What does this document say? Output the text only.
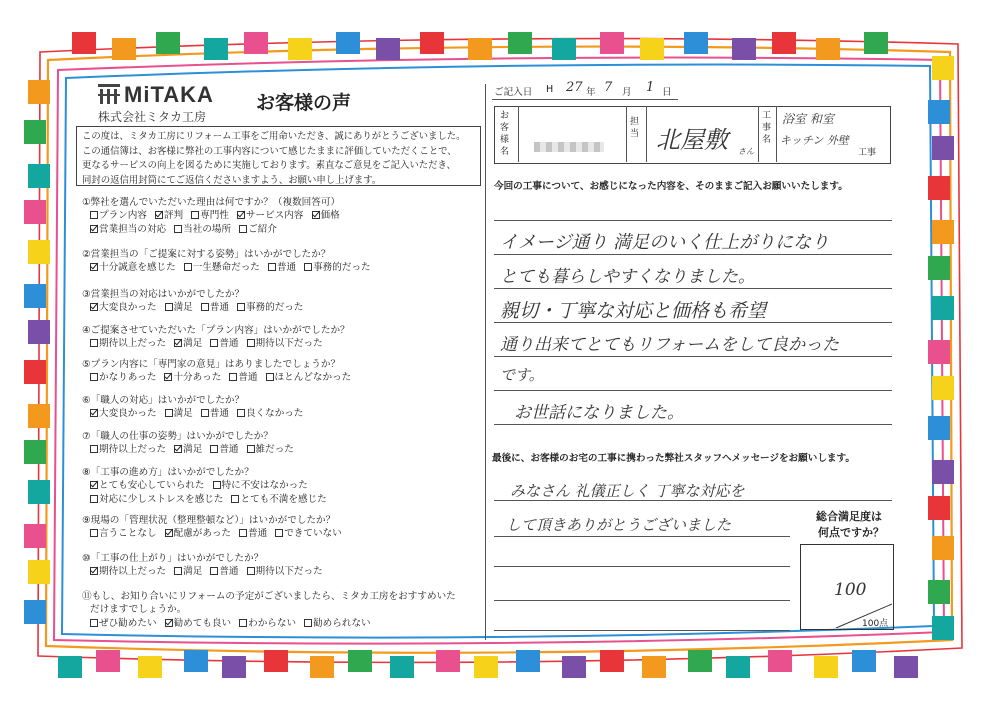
MiTAKA
株式会社ミタカ工房
お客様の声
この度は、ミタカ工房にリフォーム工事をご用命いただき、誠にありがとうございました。
この通信簿は、お客様に弊社の工事内容について感じたままに評価していただくことで、
更なるサービスの向上を図るために実施しております。素直なご意見をご記入いただき、
同封の返信用封筒にてご返信くださいますよう、お願い申し上げます。
①弊社を選んでいただいた理由は何ですか？（複数回答可）
プラン内容 評判 専門性 サービス内容 価格
営業担当の対応 当社の場所 ご紹介
②営業担当の「ご提案に対する姿勢」はいかがでしたか？
十分誠意を感じた 一生懸命だった 普通 事務的だった
③営業担当の対応はいかがでしたか？
大変良かった 満足 普通 事務的だった
④ご提案させていただいた「プラン内容」はいかがでしたか？
期待以上だった 満足 普通 期待以下だった
⑤プラン内容に「専門家の意見」はありましたでしょうか？
かなりあった 十分あった 普通 ほとんどなかった
⑥「職人の対応」はいかがでしたか？
大変良かった 満足 普通 良くなかった
⑦「職人の仕事の姿勢」はいかがでしたか？
期待以上だった 満足 普通 雑だった
⑧「工事の進め方」はいかがでしたか？
とても安心していられた 特に不安はなかった
対応に少しストレスを感じた とても不満を感じた
⑨現場の「管理状況（整理整頓など）」はいかがでしたか？
言うことなし 配慮があった 普通 できていない
⑩「工事の仕上がり」はいかがでしたか？
期待以上だった 満足 普通 期待以下だった
⑪もし、お知り合いにリフォームの予定がございましたら、ミタカ工房をおすすめいた
だけますでしょうか。
ぜひ勧めたい 勧めても良い わからない 勧められない
ご記入日 H 27 年 7 月 1 日
お客様名
担当 北屋敷 さん
工事名
浴室 和室
キッチン 外壁
工事
今回の工事について、お感じになった内容を、そのままご記入お願いいたします。
イメージ通り 満足のいく仕上がりになり
とても暮らしやすくなりました。
親切・丁寧な対応と価格も希望
通り出来てとてもリフォームをして良かった
です。
お世話になりました。
最後に、お客様のお宅の工事に携わった弊社スタッフへメッセージをお願いします。
みなさん 礼儀正しく 丁寧な対応を
して頂きありがとうございました	総合満足度は
何点ですか？
100
100点
